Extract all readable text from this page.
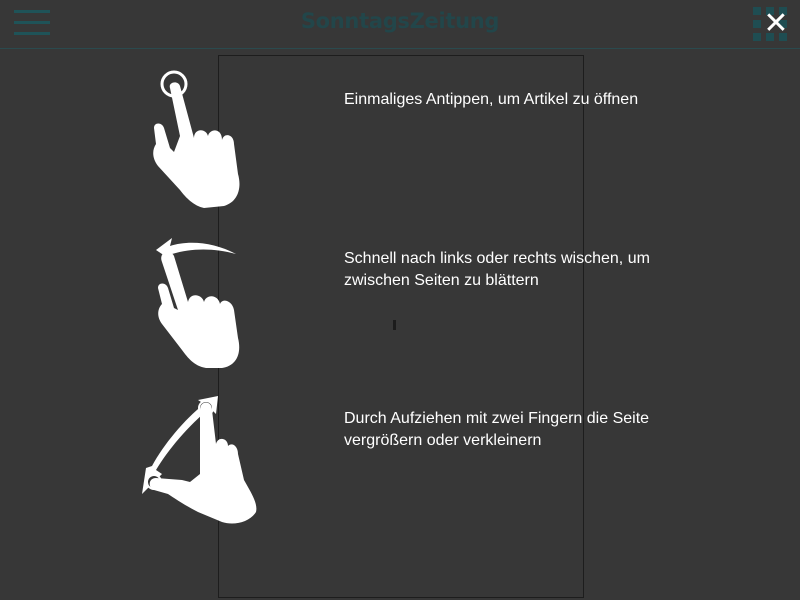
SonntagsZeitung	✕
Einmaliges Antippen, um Artikel zu öffnen
Schnell nach links oder rechts wischen, um zwischen Seiten zu blättern
Durch Aufziehen mit zwei Fingern die Seite vergrößern oder verkleinern
